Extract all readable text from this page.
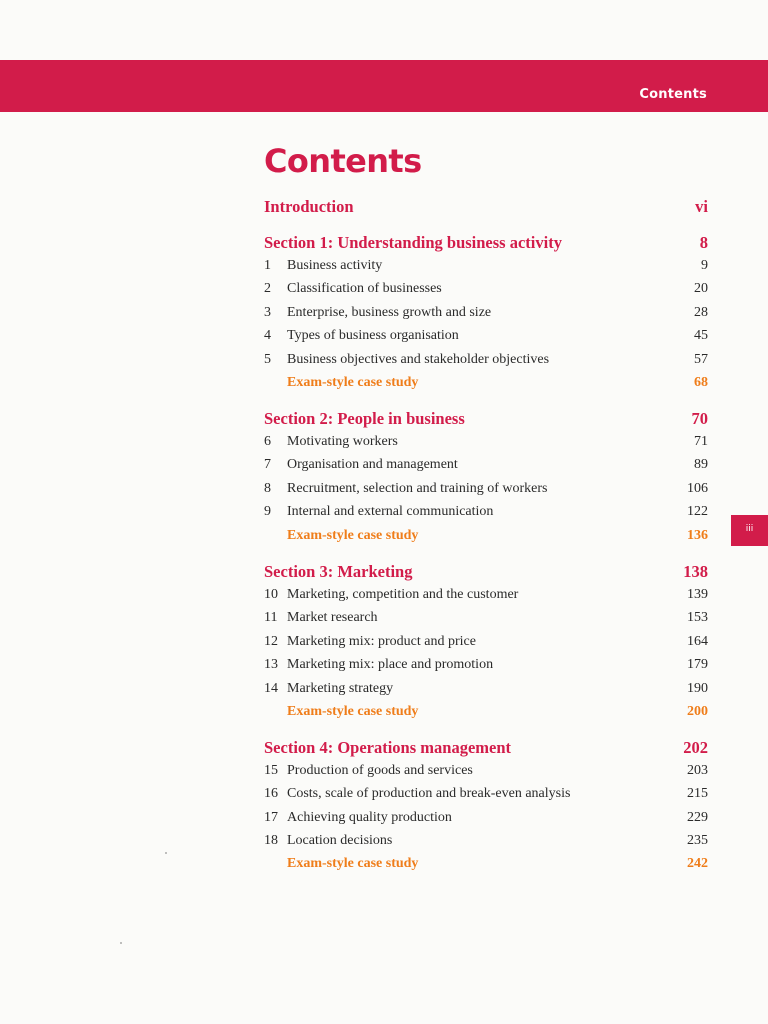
Contents
iii
Contents
Introduction	vi
Section 1: Understanding business activity	8
1 Business activity	9
2 Classification of businesses	20
3 Enterprise, business growth and size	28
4 Types of business organisation	45
5 Business objectives and stakeholder objectives	57
Exam-style case study	68
Section 2: People in business	70
6 Motivating workers	71
7 Organisation and management	89
8 Recruitment, selection and training of workers	106
9 Internal and external communication	122
Exam-style case study	136
Section 3: Marketing	138
10 Marketing, competition and the customer	139
11 Market research	153
12 Marketing mix: product and price	164
13 Marketing mix: place and promotion	179
14 Marketing strategy	190
Exam-style case study	200
Section 4: Operations management	202
15 Production of goods and services	203
16 Costs, scale of production and break-even analysis	215
17 Achieving quality production	229
18 Location decisions	235
Exam-style case study	242
